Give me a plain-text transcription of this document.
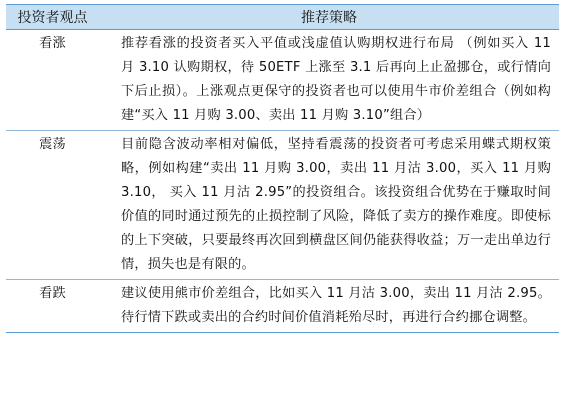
投资者观点	推荐策略
看涨	推荐看涨的投资者买入平值或浅虚值认购期权进行布局 （例如买入 11 月 3.10 认购期权，待 50ETF 上涨至 3.1 后再向上止盈挪仓，或行情向下后止损）。上涨观点更保守的投资者也可以使用牛市价差组合（例如构建“买入 11 月购 3.00、卖出 11 月购 3.10”组合）
震荡	目前隐含波动率相对偏低，坚持看震荡的投资者可考虑采用蝶式期权策略，例如构建“卖出 11 月购 3.00，卖出 11 月沽 3.00，买入 11 月购 3.10， 买入 11 月沽 2.95”的投资组合。该投资组合优势在于赚取时间价值的同时通过预先的止损控制了风险，降低了卖方的操作难度。即使标的上下突破，只要最终再次回到横盘区间仍能获得收益；万一走出单边行情，损失也是有限的。
看跌	建议使用熊市价差组合，比如买入 11 月沽 3.00，卖出 11 月沽 2.95。待行情下跌或卖出的合约时间价值消耗殆尽时，再进行合约挪仓调整。
